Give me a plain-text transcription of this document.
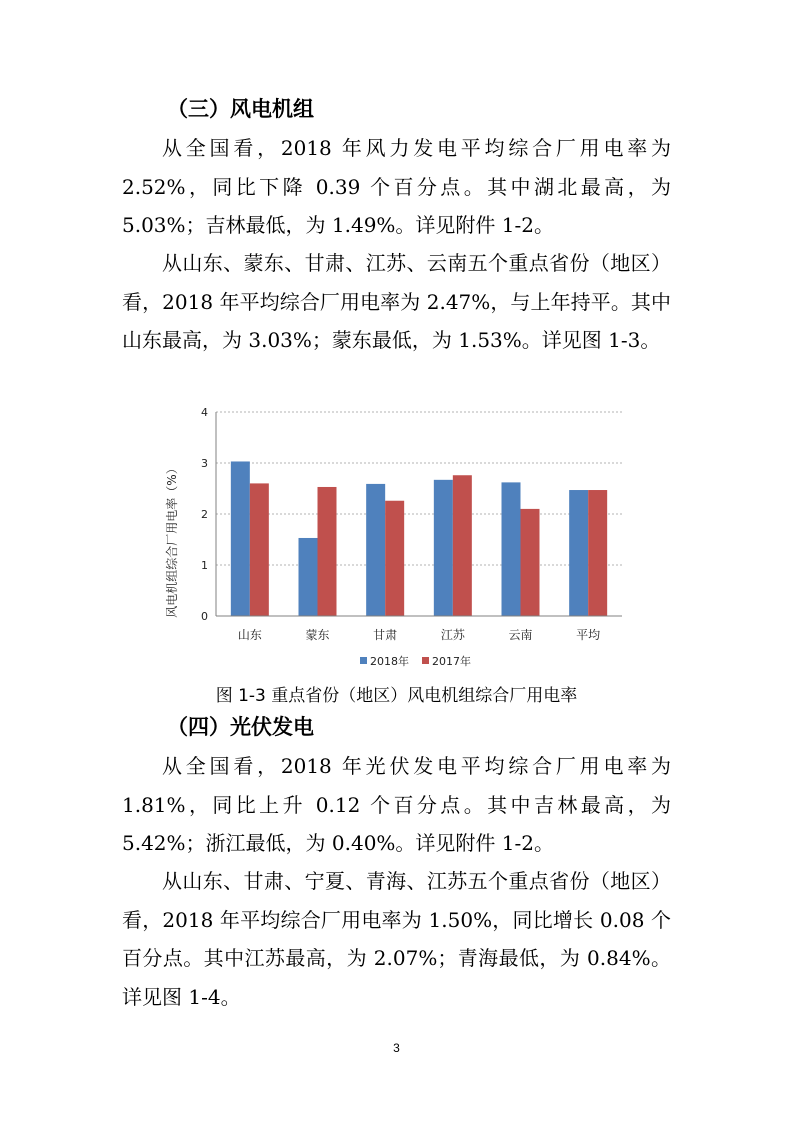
（三）风电机组

从全国看，2018 年风力发电平均综合厂用电率为 2.52%，同比下降 0.39 个百分点。其中湖北最高，为 5.03%；吉林最低，为 1.49%。详见附件 1-2。

从山东、蒙东、甘肃、江苏、云南五个重点省份（地区）看，2018 年平均综合厂用电率为 2.47%，与上年持平。其中山东最高，为 3.03%；蒙东最低，为 1.53%。详见图 1-3。

0
1
2
3
4
山东	蒙东	甘肃	江苏	云南	平均
风电机组综合厂用电率（%）
2018年 2017年
图 1-3 重点省份（地区）风电机组综合厂用电率
（四）光伏发电

从全国看，2018 年光伏发电平均综合厂用电率为 1.81%，同比上升 0.12 个百分点。其中吉林最高，为 5.42%；浙江最低，为 0.40%。详见附件 1-2。

从山东、甘肃、宁夏、青海、江苏五个重点省份（地区）看，2018 年平均综合厂用电率为 1.50%，同比增长 0.08 个百分点。其中江苏最高，为 2.07%；青海最低，为 0.84%。详见图 1-4。

3
